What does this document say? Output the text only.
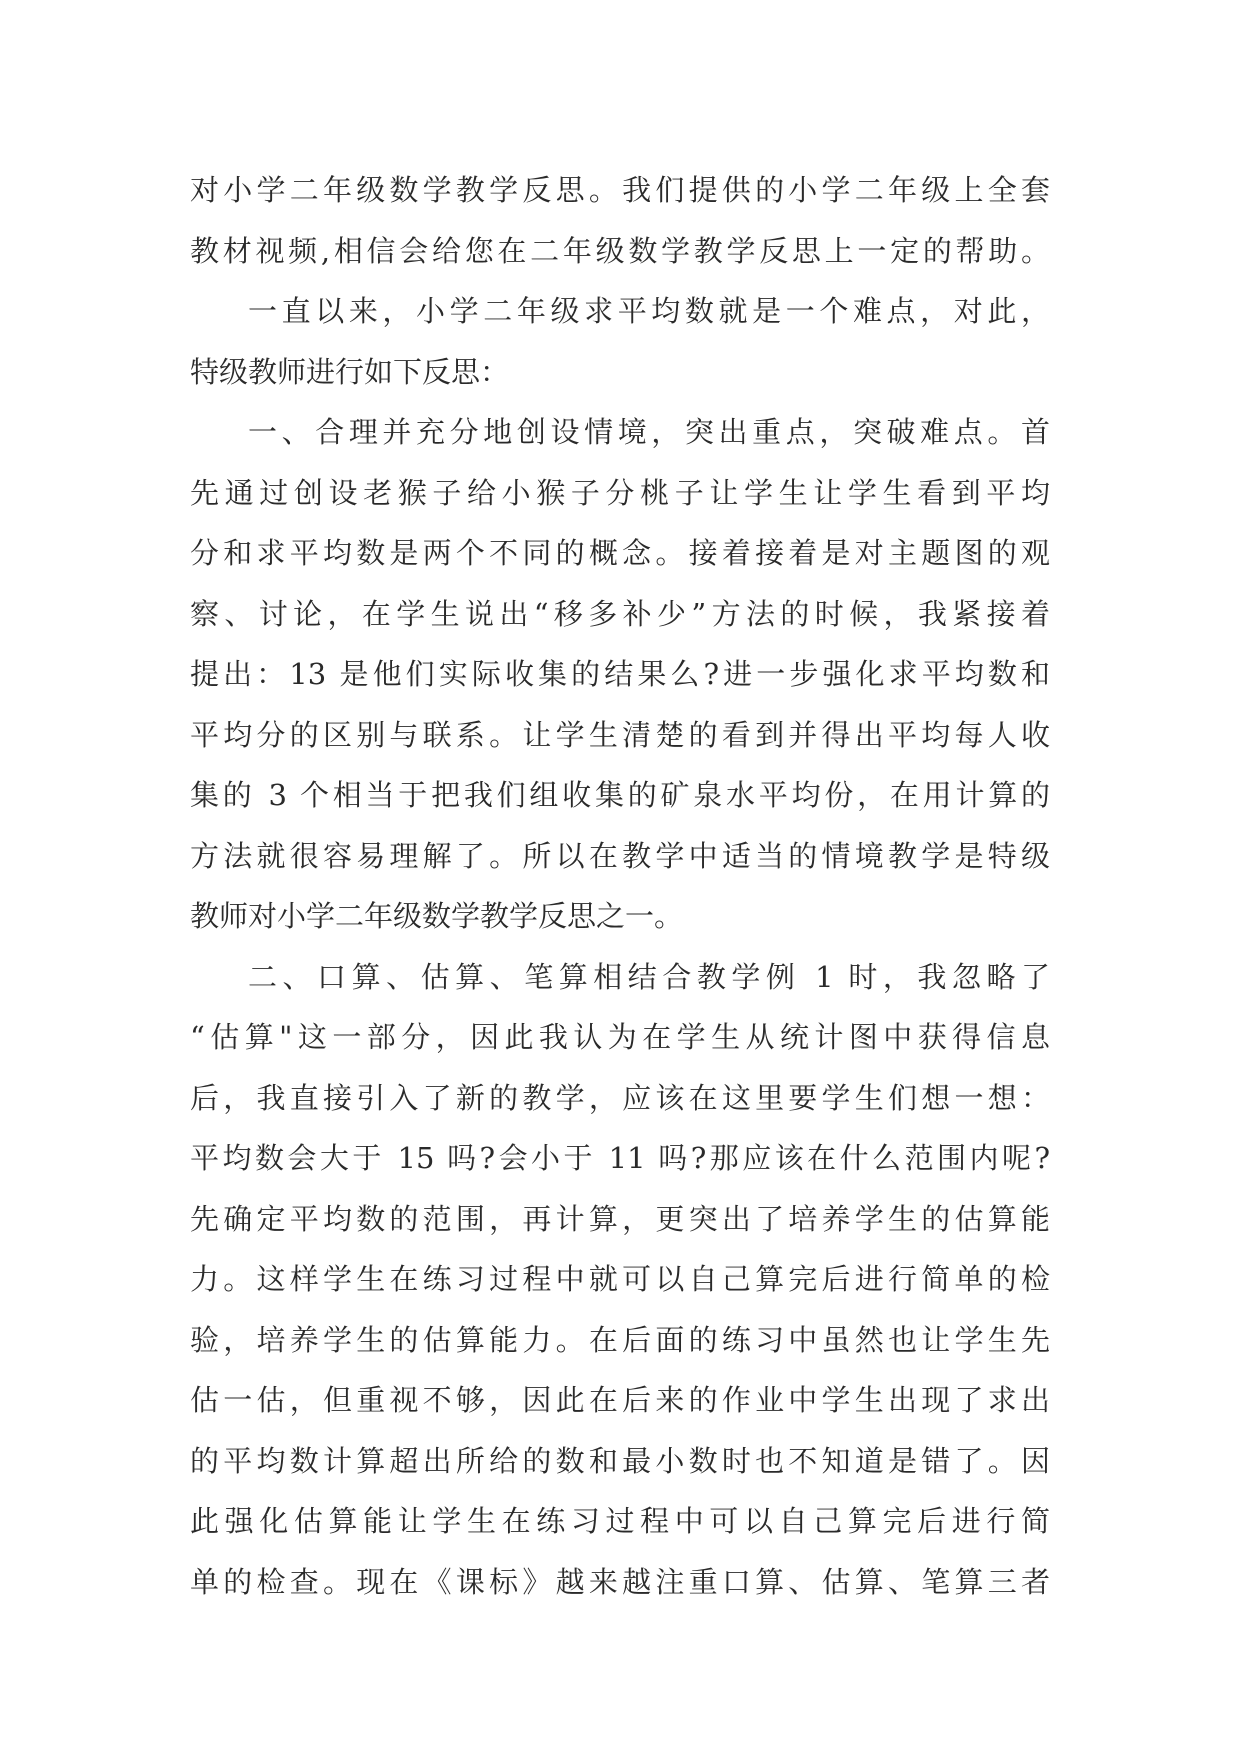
对小学二年级数学教学反思。我们提供的小学二年级上全套
教材视频,相信会给您在二年级数学教学反思上一定的帮助。
一直以来，小学二年级求平均数就是一个难点，对此，
特级教师进行如下反思：
一、合理并充分地创设情境，突出重点，突破难点。首
先通过创设老猴子给小猴子分桃子让学生让学生看到平均
分和求平均数是两个不同的概念。接着接着是对主题图的观
察、讨论，在学生说出“移多补少”方法的时候，我紧接着
提出：13 是他们实际收集的结果么?进一步强化求平均数和
平均分的区别与联系。让学生清楚的看到并得出平均每人收
集的 3 个相当于把我们组收集的矿泉水平均份，在用计算的
方法就很容易理解了。所以在教学中适当的情境教学是特级
教师对小学二年级数学教学反思之一。
二、口算、估算、笔算相结合教学例 1 时，我忽略了
“估算"这一部分，因此我认为在学生从统计图中获得信息
后，我直接引入了新的教学，应该在这里要学生们想一想：
平均数会大于 15 吗?会小于 11 吗?那应该在什么范围内呢?
先确定平均数的范围，再计算，更突出了培养学生的估算能
力。这样学生在练习过程中就可以自己算完后进行简单的检
验，培养学生的估算能力。在后面的练习中虽然也让学生先
估一估，但重视不够，因此在后来的作业中学生出现了求出
的平均数计算超出所给的数和最小数时也不知道是错了。因
此强化估算能让学生在练习过程中可以自己算完后进行简
单的检查。现在《课标》越来越注重口算、估算、笔算三者
